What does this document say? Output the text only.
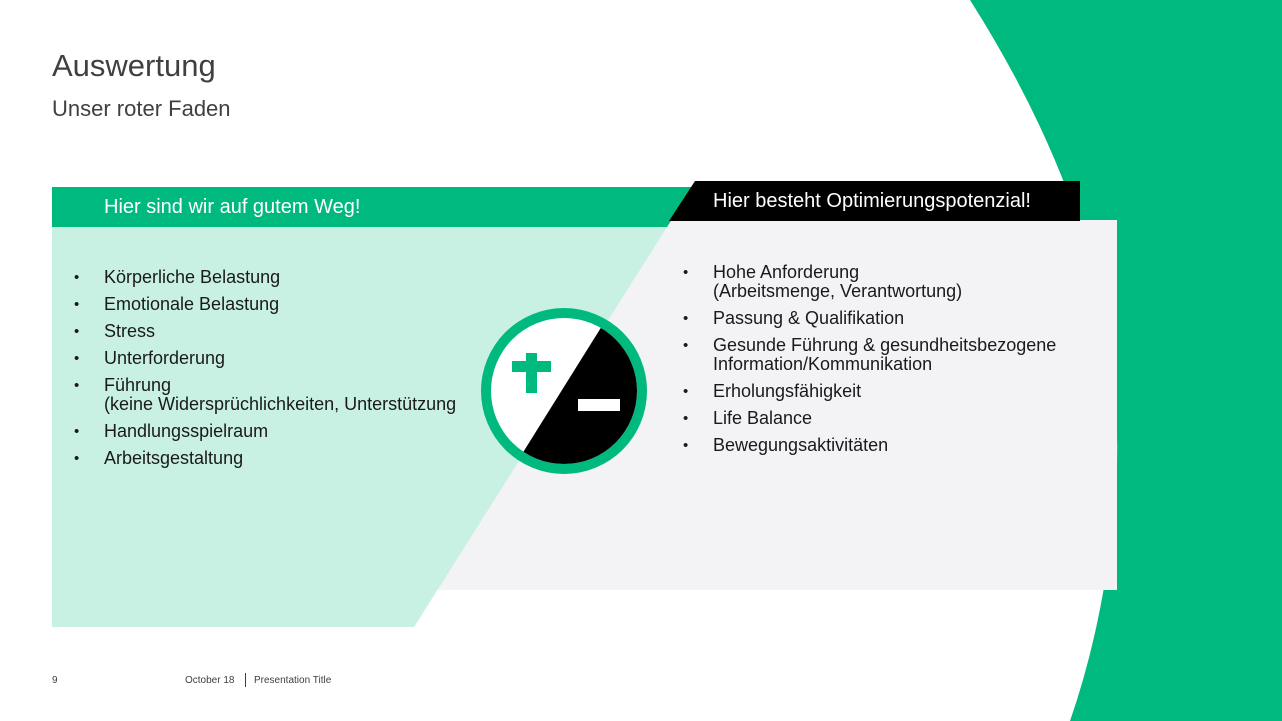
Auswertung
Unser roter Faden
Hier sind wir auf gutem Weg!	Hier besteht Optimierungspotenzial!
• Körperliche Belastung
• Emotionale Belastung
• Stress
• Unterforderung
• Führung
(keine Widersprüchlichkeiten, Unterstützung
• Handlungsspielraum
• Arbeitsgestaltung
• Hohe Anforderung
(Arbeitsmenge, Verantwortung)
• Passung & Qualifikation
• Gesunde Führung & gesundheitsbezogene
Information/Kommunikation
• Erholungsfähigkeit
• Life Balance
• Bewegungsaktivitäten
9	October 18 Presentation Title
